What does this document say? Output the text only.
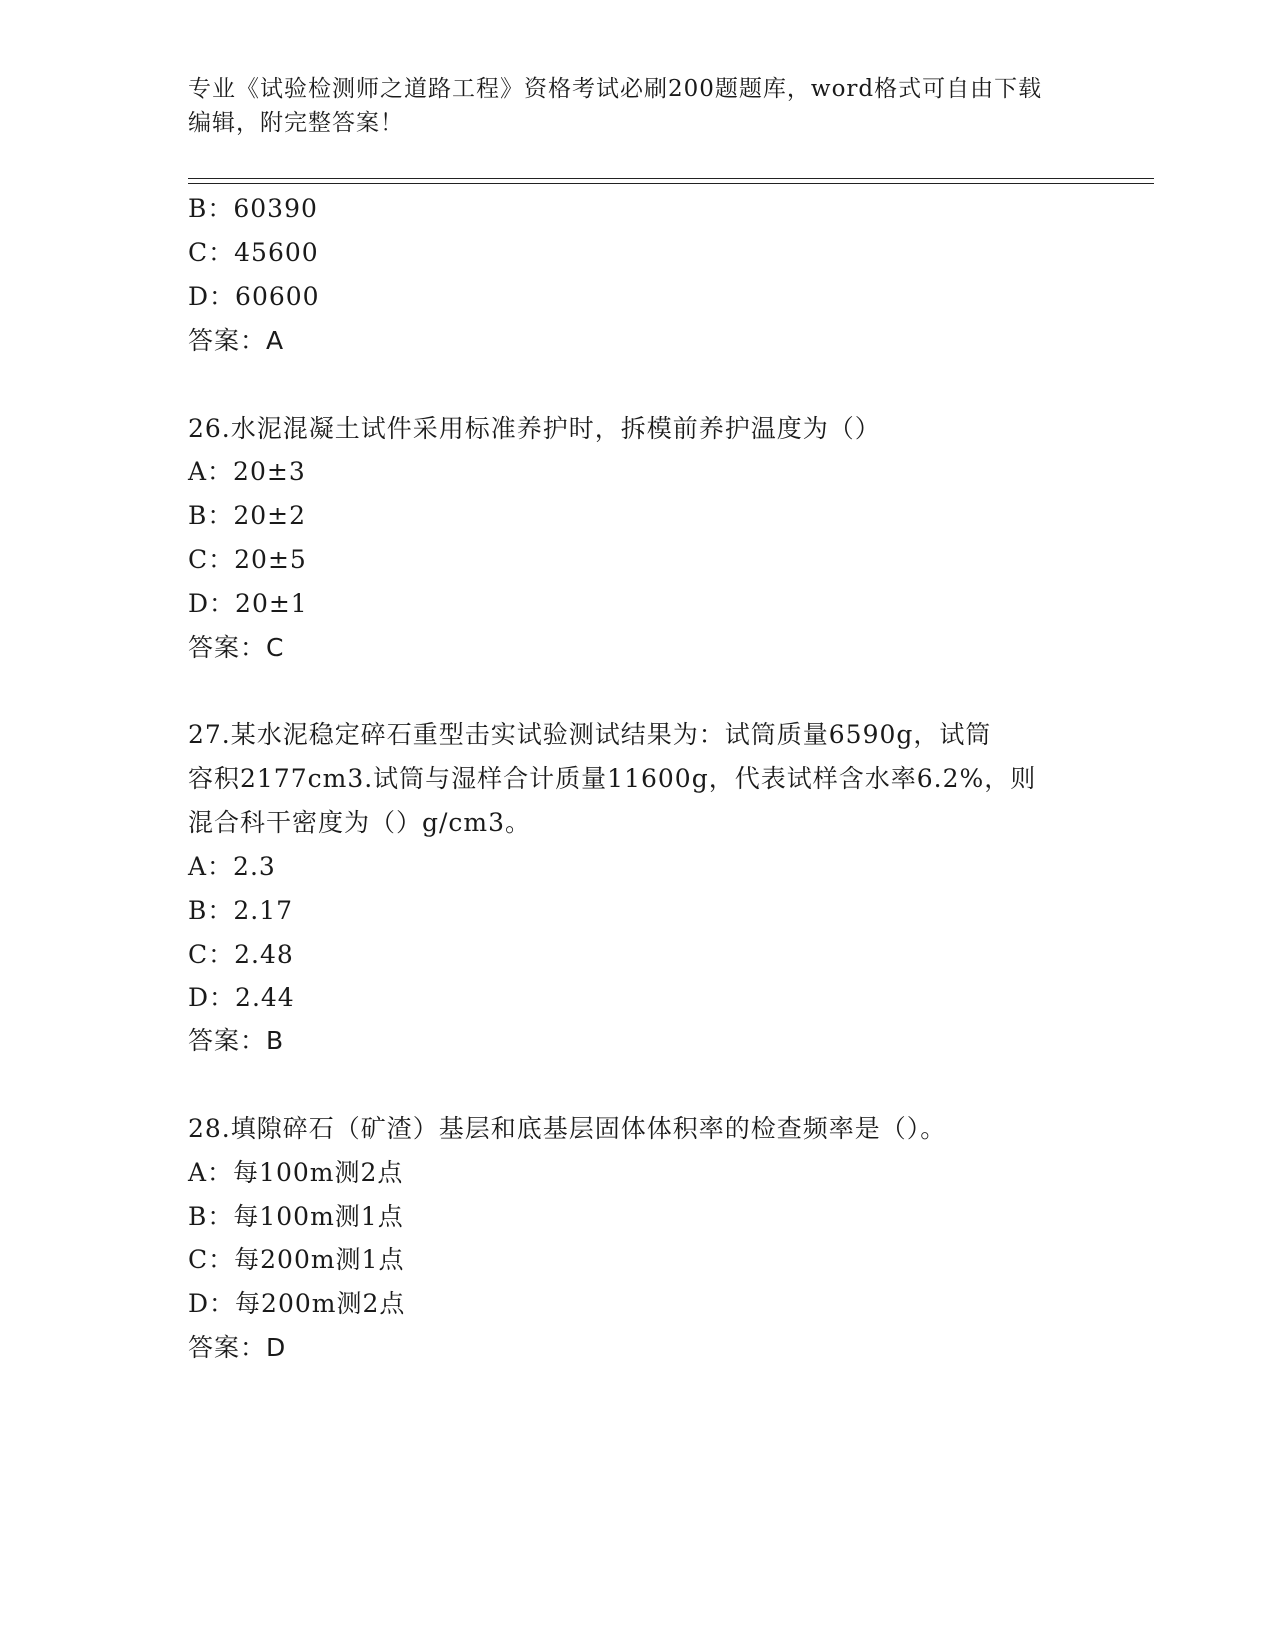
专业《试验检测师之道路工程》资格考试必刷200题题库，word格式可自由下载
编辑，附完整答案！
B：60390
C：45600
D：60600
答案：A
26.水泥混凝土试件采用标准养护时，拆模前养护温度为（）
A：20±3
B：20±2
C：20±5
D：20±1
答案：C
27.某水泥稳定碎石重型击实试验测试结果为：试筒质量6590g，试筒
容积2177cm3.试筒与湿样合计质量11600g，代表试样含水率6.2%，则
混合科干密度为（）g/cm3。
A：2.3
B：2.17
C：2.48
D：2.44
答案：B
28.填隙碎石（矿渣）基层和底基层固体体积率的检查频率是（）。
A：每100m测2点
B：每100m测1点
C：每200m测1点
D：每200m测2点
答案：D
